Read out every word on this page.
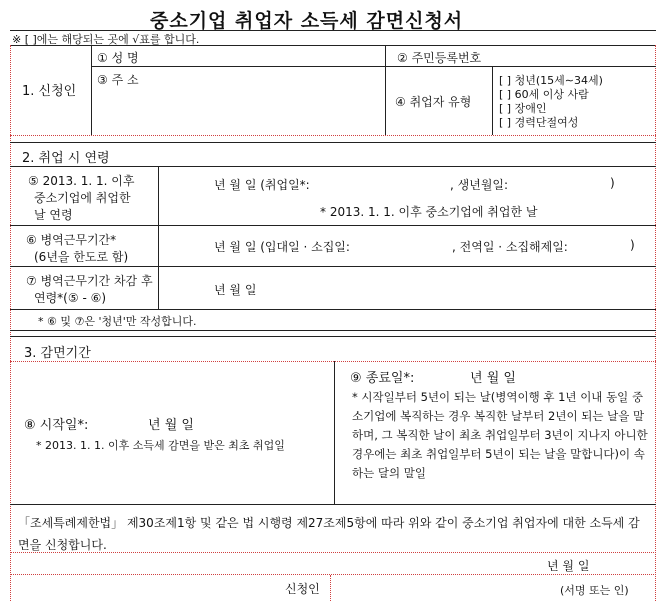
중소기업 취업자 소득세 감면신청서
※ [ ]에는 해당되는 곳에 √표를 합니다.
1. 신청인
① 성 명	② 주민등록번호
③ 주 소
④ 취업자 유형
[ ] 청년(15세∼34세)
[ ] 60세 이상 사람
[ ] 장애인
[ ] 경력단절여성
2. 취업 시 연령
⑤ 2013. 1. 1. 이후
중소기업에 취업한
날 연령
년 월 일 (취업일*:	, 생년월일:	)
* 2013. 1. 1. 이후 중소기업에 취업한 날
⑥ 병역근무기간*
(6년을 한도로 함)
년 월 일 (입대일 · 소집일:	, 전역일 · 소집해제일:	)
⑦ 병역근무기간 차감 후
연령*(⑤ - ⑥)
년 월 일
* ⑥ 및 ⑦은 '청년'만 작성합니다.
3. 감면기간
⑧ 시작일*:	년 월 일
* 2013. 1. 1. 이후 소득세 감면을 받은 최초 취업일
⑨ 종료일*:	년 월 일
* 시작일부터 5년이 되는 날(병역이행 후 1년 이내 동일 중소기업에 복직하는 경우 복직한 날부터 2년이 되는 날을 말하며, 그 복직한 날이 최초 취업일부터 3년이 지나지 아니한 경우에는 최초 취업일부터 5년이 되는 날을 말합니다)이 속하는 달의 말일
「조세특례제한법」 제30조제1항 및 같은 법 시행령 제27조제5항에 따라 위와 같이 중소기업 취업자에 대한 소득세 감면을 신청합니다.
년 월 일
신청인	(서명 또는 인)
